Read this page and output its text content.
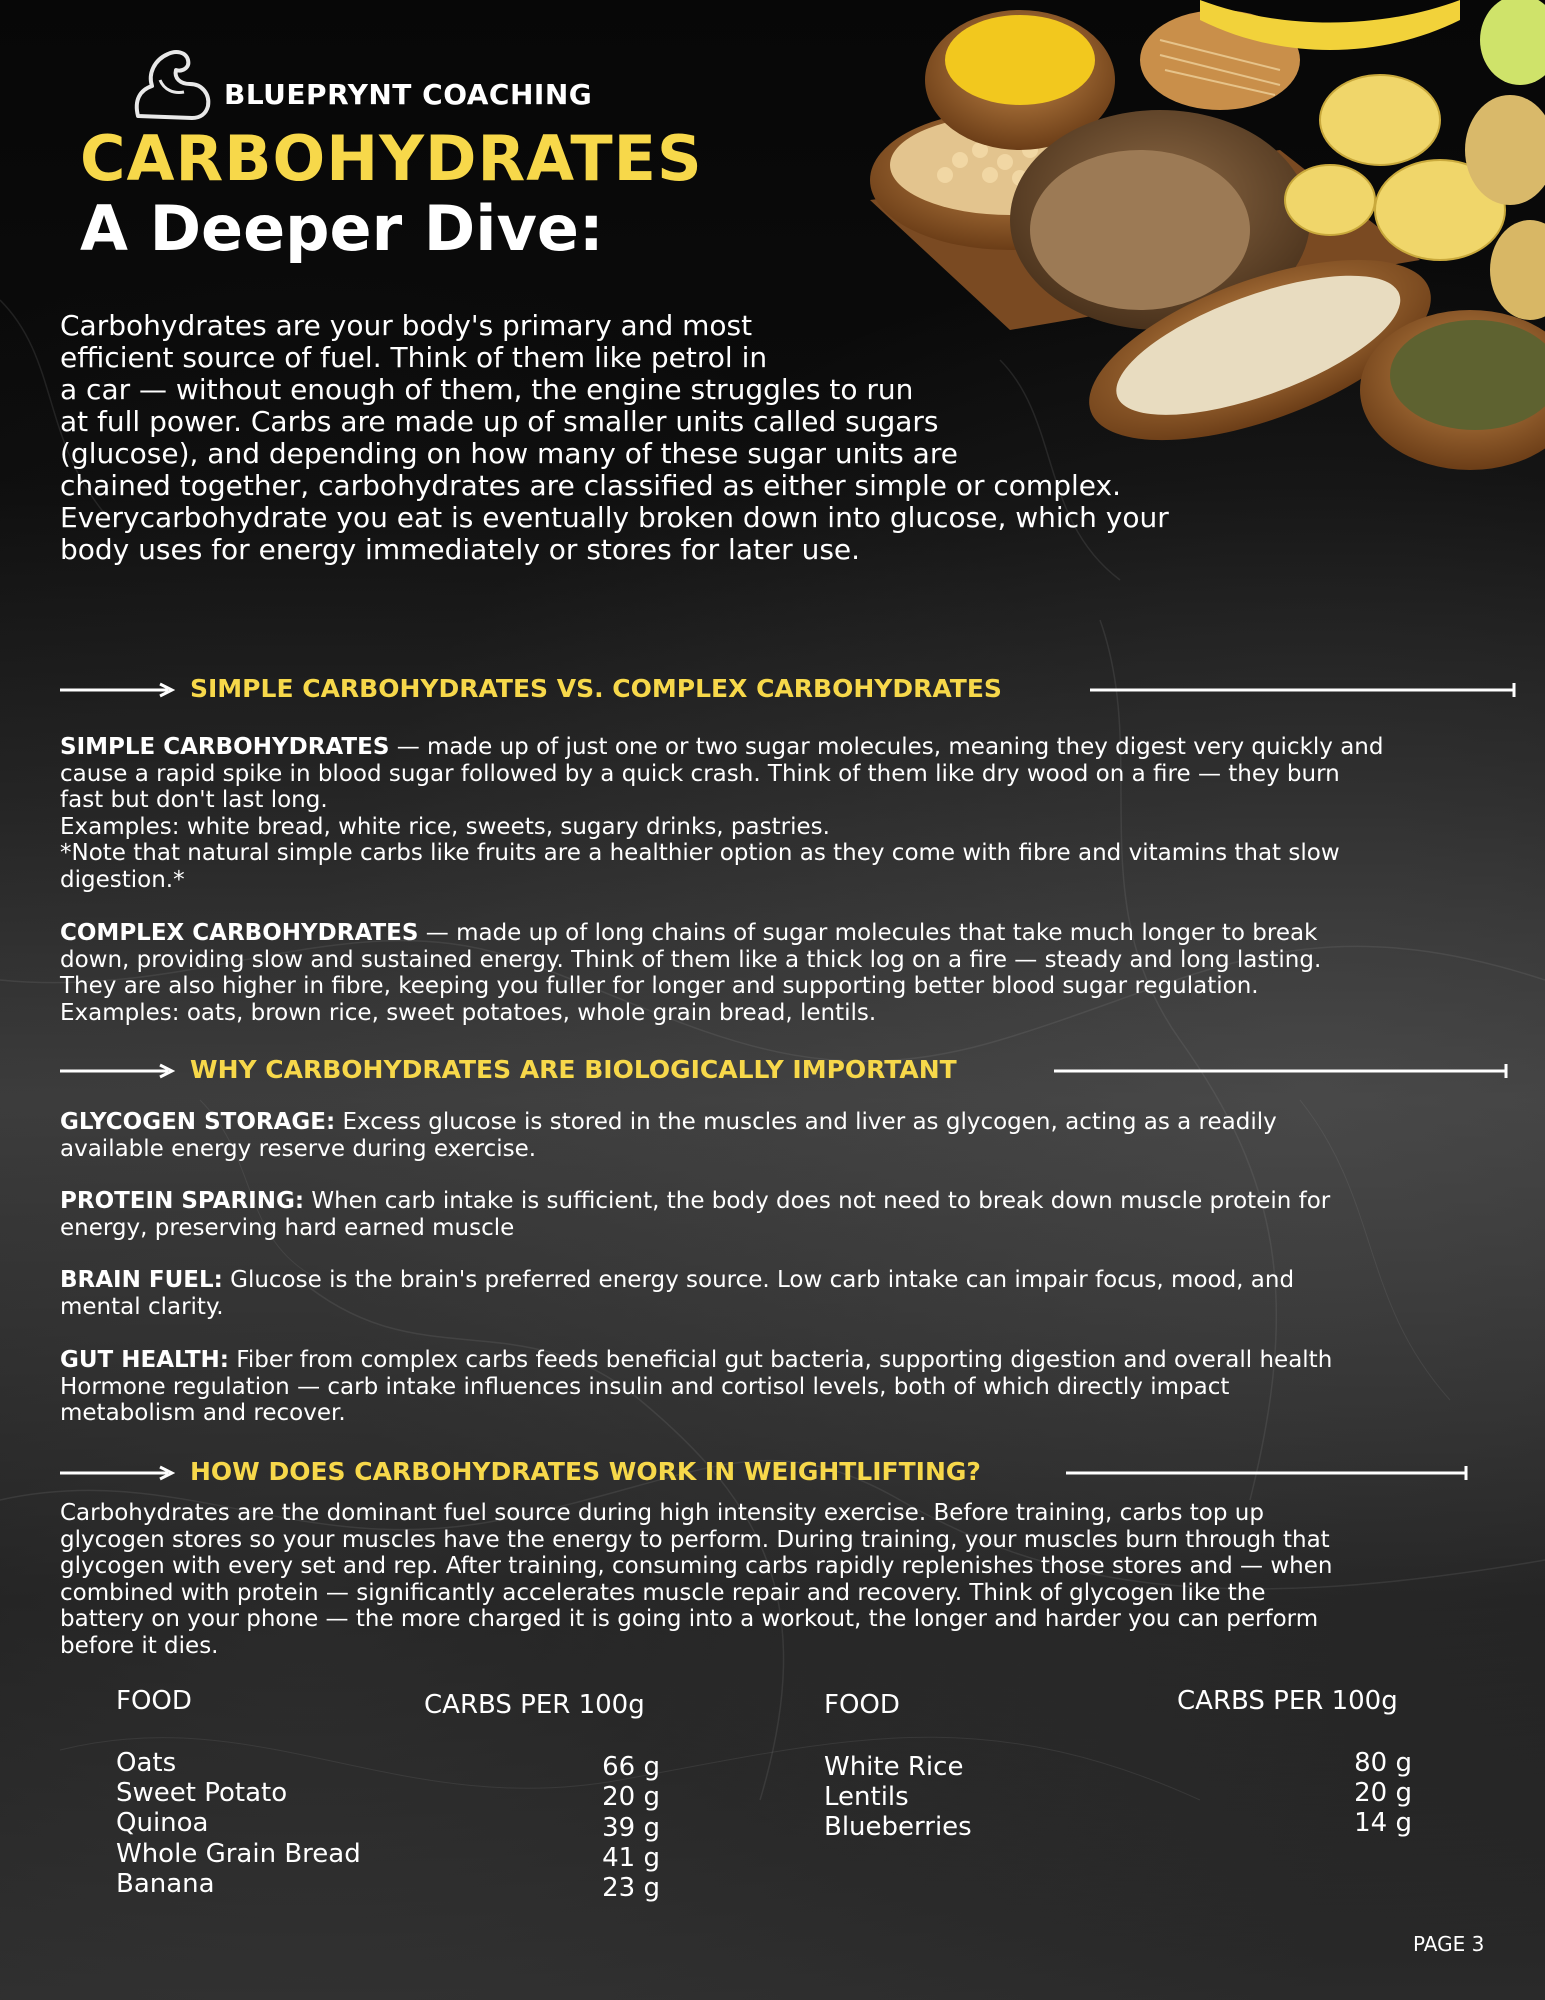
BLUEPRYNT COACHING
CARBOHYDRATES
A Deeper Dive:
Carbohydrates are your body's primary and most
efficient source of fuel. Think of them like petrol in
a car — without enough of them, the engine struggles to run
at full power. Carbs are made up of smaller units called sugars
(glucose), and depending on how many of these sugar units are
chained together, carbohydrates are classified as either simple or complex.
Everycarbohydrate you eat is eventually broken down into glucose, which your
body uses for energy immediately or stores for later use.
SIMPLE CARBOHYDRATES VS. COMPLEX CARBOHYDRATES
SIMPLE CARBOHYDRATES — made up of just one or two sugar molecules, meaning they digest very quickly and
cause a rapid spike in blood sugar followed by a quick crash. Think of them like dry wood on a fire — they burn
fast but don't last long.
Examples: white bread, white rice, sweets, sugary drinks, pastries.
*Note that natural simple carbs like fruits are a healthier option as they come with fibre and vitamins that slow
digestion.*
COMPLEX CARBOHYDRATES — made up of long chains of sugar molecules that take much longer to break
down, providing slow and sustained energy. Think of them like a thick log on a fire — steady and long lasting.
They are also higher in fibre, keeping you fuller for longer and supporting better blood sugar regulation.
Examples: oats, brown rice, sweet potatoes, whole grain bread, lentils.
WHY CARBOHYDRATES ARE BIOLOGICALLY IMPORTANT
GLYCOGEN STORAGE: Excess glucose is stored in the muscles and liver as glycogen, acting as a readily
available energy reserve during exercise.
PROTEIN SPARING: When carb intake is sufficient, the body does not need to break down muscle protein for
energy, preserving hard earned muscle
BRAIN FUEL: Glucose is the brain's preferred energy source. Low carb intake can impair focus, mood, and
mental clarity.
GUT HEALTH: Fiber from complex carbs feeds beneficial gut bacteria, supporting digestion and overall health
Hormone regulation — carb intake influences insulin and cortisol levels, both of which directly impact
metabolism and recover.
HOW DOES CARBOHYDRATES WORK IN WEIGHTLIFTING?
Carbohydrates are the dominant fuel source during high intensity exercise. Before training, carbs top up
glycogen stores so your muscles have the energy to perform. During training, your muscles burn through that
glycogen with every set and rep. After training, consuming carbs rapidly replenishes those stores and — when
combined with protein — significantly accelerates muscle repair and recovery. Think of glycogen like the
battery on your phone — the more charged it is going into a workout, the longer and harder you can perform
before it dies.
FOOD	CARBS PER 100g
Oats
Sweet Potato
Quinoa
Whole Grain Bread
Banana
66 g
20 g
39 g
41 g
23 g
FOOD	CARBS PER 100g
White Rice
Lentils
Blueberries
80 g
20 g
14 g
PAGE 3
